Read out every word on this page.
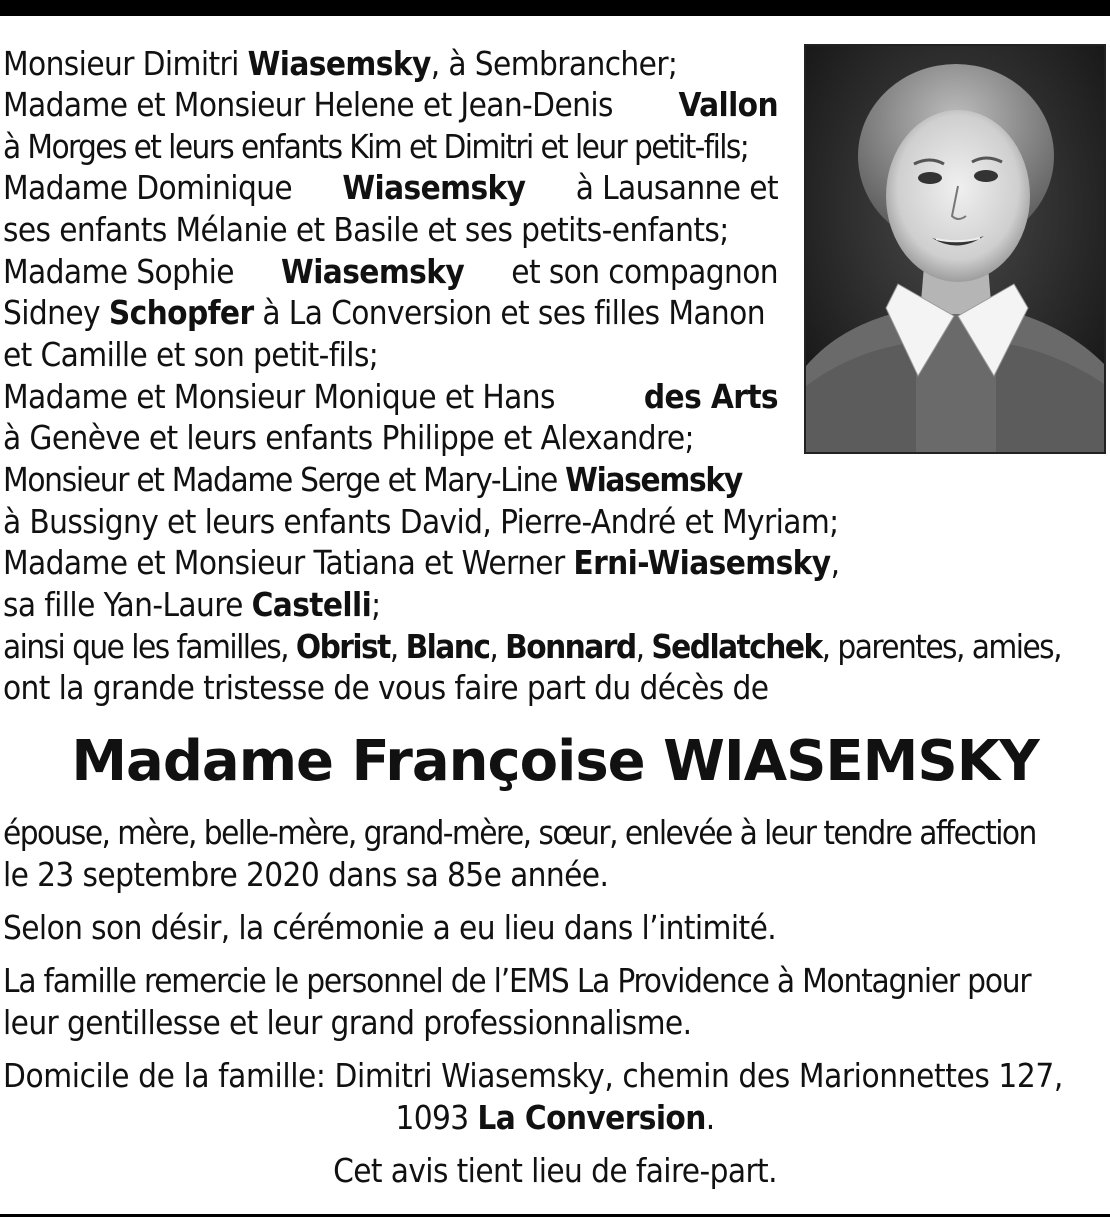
Monsieur Dimitri Wiasemsky, à Sembrancher;
Madame et Monsieur Helene et Jean-Denis Vallon
à Morges et leurs enfants Kim et Dimitri et leur petit-fils;
Madame Dominique Wiasemsky à Lausanne et
ses enfants Mélanie et Basile et ses petits-enfants;
Madame Sophie Wiasemsky et son compagnon
Sidney Schopfer à La Conversion et ses filles Manon
et Camille et son petit-fils;
Madame et Monsieur Monique et Hans	des Arts
à Genève et leurs enfants Philippe et Alexandre;
Monsieur et Madame Serge et Mary-Line Wiasemsky
à Bussigny et leurs enfants David, Pierre-André et Myriam;
Madame et Monsieur Tatiana et Werner Erni-Wiasemsky,
sa fille Yan-Laure Castelli;
ainsi que les familles, Obrist, Blanc, Bonnard, Sedlatchek, parentes, amies,
ont la grande tristesse de vous faire part du décès de
Madame Françoise WIASEMSKY
épouse, mère, belle-mère, grand-mère, sœur, enlevée à leur tendre affection
le 23 septembre 2020 dans sa 85e année.
Selon son désir, la cérémonie a eu lieu dans l’intimité.
La famille remercie le personnel de l’EMS La Providence à Montagnier pour
leur gentillesse et leur grand professionnalisme.
Domicile de la famille: Dimitri Wiasemsky, chemin des Marionnettes 127,
1093 La Conversion.
Cet avis tient lieu de faire-part.
